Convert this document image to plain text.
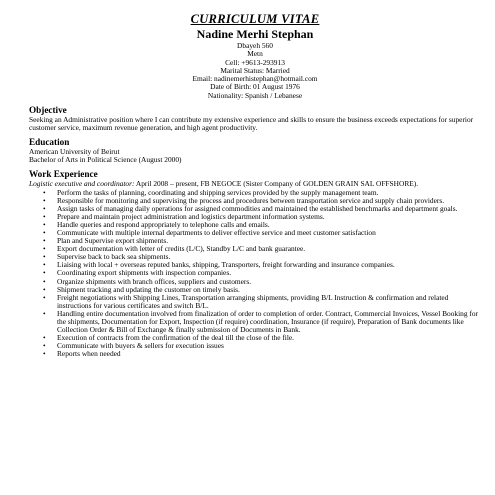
CURRICULUM VITAE
Nadine Merhi Stephan
Dbayeh 560
Metn
Cell: +9613-293913
Marital Status: Married
Email: nadinemerhistephan@hotmail.com
Date of Birth: 01 August 1976
Nationality: Spanish / Lebanese
Objective

Seeking an Administrative position where I can contribute my extensive experience and skills to ensure the business exceeds expectations for superior customer service, maximum revenue generation, and high agent productivity.

Education
American University of Beirut
Bachelor of Arts in Political Science (August 2000)
Work Experience

Logistic executive and coordinator: April 2008 – present, FB NEGOCE (Sister Company of GOLDEN GRAIN SAL OFFSHORE).

• Perform the tasks of planning, coordinating and shipping services provided by the supply management team.
• Responsible for monitoring and supervising the process and procedures between transportation service and supply chain providers.
• Assign tasks of managing daily operations for assigned commodities and maintained the established benchmarks and department goals.
• Prepare and maintain project administration and logistics department information systems.
• Handle queries and respond appropriately to telephone calls and emails.
• Communicate with multiple internal departments to deliver effective service and meet customer satisfaction
• Plan and Supervise export shipments.
• Export documentation with letter of credits (L/C), Standby L/C and bank guarantee.
• Supervise back to back sea shipments.
• Liaising with local + overseas reputed banks, shipping, Transporters, freight forwarding and insurance companies.
• Coordinating export shipments with inspection companies.
• Organize shipments with branch offices, suppliers and customers.
• Shipment tracking and updating the customer on timely basis.
• Freight negotiations with Shipping Lines, Transportation arranging shipments, providing B/L Instruction & confirmation and related instructions for various certificates and switch B/L.
• Handling entire documentation involved from finalization of order to completion of order. Contract, Commercial Invoices, Vessel Booking for the shipments, Documentation for Export, Inspection (if require) coordination, Insurance (if require), Preparation of Bank documents like Collection Order & Bill of Exchange & finally submission of Documents in Bank.
• Execution of contracts from the confirmation of the deal till the close of the file.
• Communicate with buyers & sellers for execution issues
• Reports when needed
